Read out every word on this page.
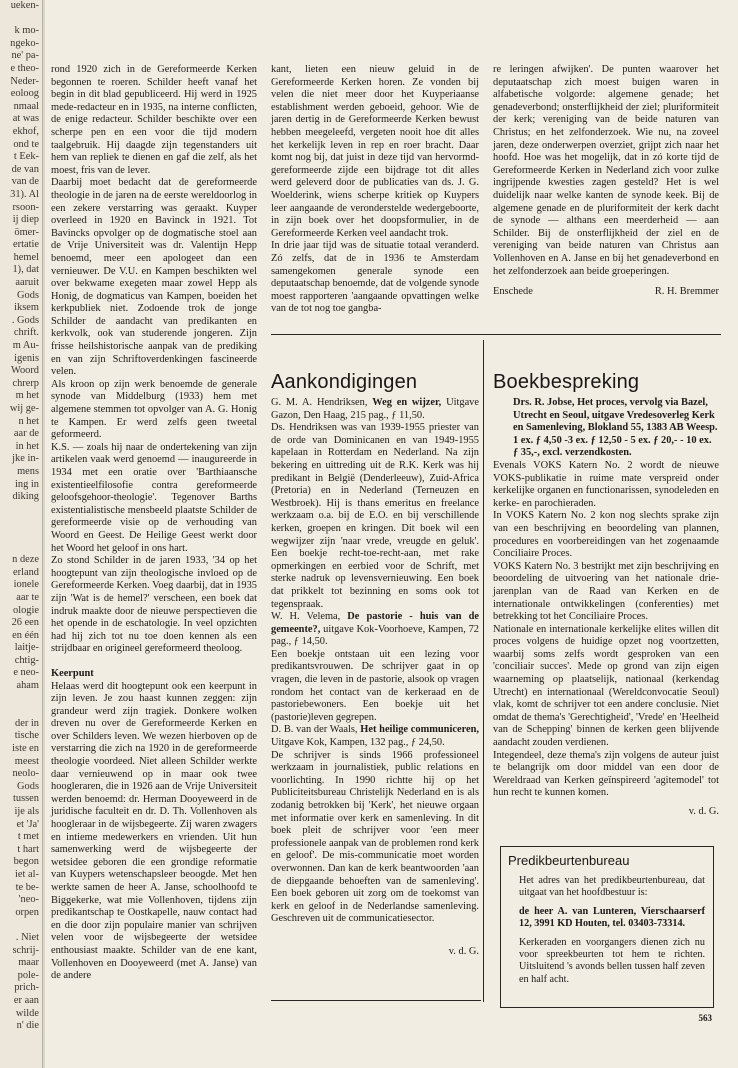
ueken-
k mo-
ngeko-
ne' pa-
e theo-
Neder-
eoloog
nmaal
at was
ekhof,
ond te
t Eek-
de van
van de
31). Al
rsoon-
ij diep
ömer-
ertatie
hemel
1), dat
aaruit
Gods
iksem
. Gods
chrift.
m Au-
igenis
Woord
chrerp
m het
wij ge-
n het
aar de
in het
jke in-
mens
ing in
diking
n deze
erland
ionele
aar te
ologie
26 een
en één
laitje-
chtig-
e neo-
aham
der in
tische
iste en
meest
neolo-
Gods
tussen
ije als
et 'Ja'
t met
t hart
begon
iet al-
te be-
'neo-
orpen
. Niet
schrij-
maar
pole-
prich-
er aan
wilde
n' die

rond 1920 zich in de Gereformeerde Kerken begonnen te roeren. Schilder heeft vanaf het begin in dit blad gepubliceerd. Hij werd in 1925 mede-redacteur en in 1935, na interne conflicten, de enige redacteur. Schilder beschikte over een scherpe pen en een voor die tijd modern taalgebruik. Hij daagde zijn tegenstanders uit hem van repliek te dienen en gaf die zelf, als het moest, fris van de lever.

Daarbij moet bedacht dat de gereformeerde theologie in de jaren na de eerste wereldoorlog in een zekere verstarring was geraakt. Kuyper overleed in 1920 en Bavinck in 1921. Tot Bavincks opvolger op de dogmatische stoel aan de Vrije Universiteit was dr. Valentijn Hepp benoemd, meer een apologeet dan een vernieuwer. De V.U. en Kampen beschikten wel over bekwame exegeten maar zowel Hepp als Honig, de dogmaticus van Kampen, boeiden het kerkpubliek niet. Zodoende trok de jonge Schilder de aandacht van predikanten en kerkvolk, ook van studerende jongeren. Zijn frisse heilshistorische aanpak van de prediking en van zijn Schriftoverdenkingen fascineerde velen.

Als kroon op zijn werk benoemde de generale synode van Middelburg (1933) hem met algemene stemmen tot opvolger van A. G. Honig te Kampen. Er werd zelfs geen tweetal geformeerd.

K.S. — zoals hij naar de ondertekening van zijn artikelen vaak werd genoemd — inaugureerde in 1934 met een oratie over 'Barthiaansche existentieelfilosofie contra gereformeerde geloofsgehoor-theologie'. Tegenover Barths existentialistische mensbeeld plaatste Schilder de gereformeerde visie op de verhouding van Woord en Geest. De Heilige Geest werkt door het Woord het geloof in ons hart.

Zo stond Schilder in de jaren 1933, '34 op het hoogtepunt van zijn theologische invloed op de Gereformeerde Kerken. Voeg daarbij, dat in 1935 zijn 'Wat is de hemel?' verscheen, een boek dat indruk maakte door de nieuwe perspectieven die het opende in de eschatologie. In veel opzichten had hij zich tot nu toe doen kennen als een strijdbaar en origineel gereformeerd theoloog.

Keerpunt

Helaas werd dit hoogtepunt ook een keerpunt in zijn leven. Je zou haast kunnen zeggen: zijn grandeur werd zijn tragiek. Donkere wolken dreven nu over de Gereformeerde Kerken en over Schilders leven. We wezen hierboven op de verstarring die zich na 1920 in de gereformeerde theologie voordeed. Niet alleen Schilder werkte daar vernieuwend op in maar ook twee hoogleraren, die in 1926 aan de Vrije Universiteit werden benoemd: dr. Herman Dooyeweerd in de juridische faculteit en dr. D. Th. Vollenhoven als hoogleraar in de wijsbegeerte. Zij waren zwagers en intieme medewerkers en vrienden. Uit hun samenwerking werd de wijsbegeerte der wetsidee geboren die een grondige reformatie van Kuypers wetenschapsleer beoogde. Met hen werkte samen de heer A. Janse, schoolhoofd te Biggekerke, wat mie Vollenhoven, tijdens zijn predikantschap te Oostkapelle, nauw contact had en die door zijn populaire manier van schrijven velen voor de wijsbegeerte der wetsidee enthousiast maakte. Schilder van de ene kant, Vollenhoven en Dooyeweerd (met A. Janse) van de andere

kant, lieten een nieuw geluid in de Gereformeerde Kerken horen. Ze vonden bij velen die niet meer door het Kuyperiaanse establishment werden geboeid, gehoor. Wie de jaren dertig in de Gereformeerde Kerken bewust hebben meegeleefd, vergeten nooit hoe dit alles het kerkelijk leven in rep en roer bracht. Daar komt nog bij, dat juist in deze tijd van hervormd-gereformeerde zijde een bijdrage tot dit alles werd geleverd door de publicaties van ds. J. G. Woelderink, wiens scherpe kritiek op Kuypers leer aangaande de veronderstelde wedergeboorte, in zijn boek over het doopsformulier, in de Gereformeerde Kerken veel aandacht trok.

In drie jaar tijd was de situatie totaal veranderd. Zó zelfs, dat de in 1936 te Amsterdam samengekomen generale synode een deputaatschap benoemde, dat de volgende synode moest rapporteren 'aangaande opvattingen welke van de tot nog toe gangba-

re leringen afwijken'. De punten waarover het deputaatschap zich moest buigen waren in alfabetische volgorde: algemene genade; het genadeverbond; onsterflijkheid der ziel; pluriformiteit der kerk; vereniging van de beide naturen van Christus; en het zelfonderzoek. Wie nu, na zoveel jaren, deze onderwerpen overziet, grijpt zich naar het hoofd. Hoe was het mogelijk, dat in zó korte tijd de Gereformeerde Kerken in Nederland zich voor zulke ingrijpende kwesties zagen gesteld? Het is wel duidelijk naar welke kanten de synode keek. Bij de algemene genade en de pluriformiteit der kerk dacht de synode — althans een meerderheid — aan Schilder. Bij de onsterflijkheid der ziel en de vereniging van beide naturen van Christus aan Vollenhoven en A. Janse en bij het genadeverbond en het zelfonderzoek aan beide groeperingen.

Enschede	R. H. Bremmer
Aankondigingen	Boekbespreking

G. M. A. Hendriksen, Weg en wijzer, Uitgave Gazon, Den Haag, 215 pag., ƒ 11,50.

Ds. Hendriksen was van 1939-1955 priester van de orde van Dominicanen en van 1949-1955 kapelaan in Rotterdam en Nederland. Na zijn bekering en uittreding uit de R.K. Kerk was hij predikant in België (Denderleeuw), Zuid-Africa (Pretoria) en in Nederland (Terneuzen en Westbroek). Hij is thans emeritus en freelance werkzaam o.a. bij de E.O. en bij verschillende kerken, groepen en kringen. Dit boek wil een wegwijzer zijn 'naar vrede, vreugde en geluk'. Een boekje recht-toe-recht-aan, met rake opmerkingen en eerbied voor de Schrift, met sterke nadruk op levensvernieuwing. Een boek dat prikkelt tot bezinning en soms ook tot tegenspraak.

W. H. Velema, De pastorie - huis van de gemeente?, uitgave Kok-Voorhoeve, Kampen, 72 pag., ƒ 14,50.

Een boekje ontstaan uit een lezing voor predikantsvrouwen. De schrijver gaat in op vragen, die leven in de pastorie, alsook op vragen rondom het contact van de kerkeraad en de pastoriebewoners. Een boekje uit het (pastorie)leven gegrepen.

D. B. van der Waals, Het heilige communiceren, Uitgave Kok, Kampen, 132 pag., ƒ 24,50.

De schrijver is sinds 1966 professioneel werkzaam in journalistiek, public relations en voorlichting. In 1990 richtte hij op het Publiciteitsbureau Christelijk Nederland en is als zodanig betrokken bij 'Kerk', het nieuwe orgaan met informatie over kerk en samenleving. In dit boek pleit de schrijver voor 'een meer professionele aanpak van de problemen rond kerk en geloof'. De mis-communicatie moet worden overwonnen. Dan kan de kerk beantwoorden 'aan de diepgaande behoeften van de samenleving'. Een boek geboren uit zorg om de toekomst van kerk en geloof in de Nederlandse samenleving. Geschreven uit de communicatiesector.

v. d. G.

Drs. R. Jobse, Het proces, vervolg via Bazel, Utrecht en Seoul, uitgave Vredesoverleg Kerk en Samenleving, Blokland 55, 1383 AB Weesp. 1 ex. ƒ 4,50 -3 ex. ƒ 12,50 - 5 ex. ƒ 20,- - 10 ex. ƒ 35,-, excl. verzendkosten.

Evenals VOKS Katern No. 2 wordt de nieuwe VOKS-publikatie in ruime mate verspreid onder kerkelijke organen en functionarissen, synodeleden en kerke- en parochieraden.

In VOKS Katern No. 2 kon nog slechts sprake zijn van een beschrijving en beoordeling van plannen, procedures en voorbereidingen van het zogenaamde Conciliaire Proces.

VOKS Katern No. 3 bestrijkt met zijn beschrijving en beoordeling de uitvoering van het nationale drie-jarenplan van de Raad van Kerken en de internationale ontwikkelingen (conferenties) met betrekking tot het Conciliaire Proces.

Nationale en internationale kerkelijke elites willen dit proces volgens de huidige opzet nog voortzetten, waarbij soms zelfs wordt gesproken van een 'conciliair succes'. Mede op grond van zijn eigen waarneming op plaatselijk, nationaal (kerkendag Utrecht) en internationaal (Wereldconvocatie Seoul) vlak, komt de schrijver tot een andere conclusie. Niet omdat de thema's 'Gerechtigheid', 'Vrede' en 'Heelheid van de Schepping' binnen de kerken geen blijvende aandacht zouden verdienen.

Integendeel, deze thema's zijn volgens de auteur juist te belangrijk om door middel van een door de Wereldraad van Kerken geïnspireerd 'agitemodel' tot hun recht te kunnen komen.

v. d. G.

Predikbeurtenbureau

Het adres van het predikbeurtenbureau, dat uitgaat van het hoofdbestuur is:

de heer A. van Lunteren, Vierschaarserf 12, 3991 KD Houten, tel. 03403-73314.

Kerkeraden en voorgangers dienen zich nu voor spreekbeurten tot hem te richten. Uitsluitend 's avonds bellen tussen half zeven en half acht.

563
